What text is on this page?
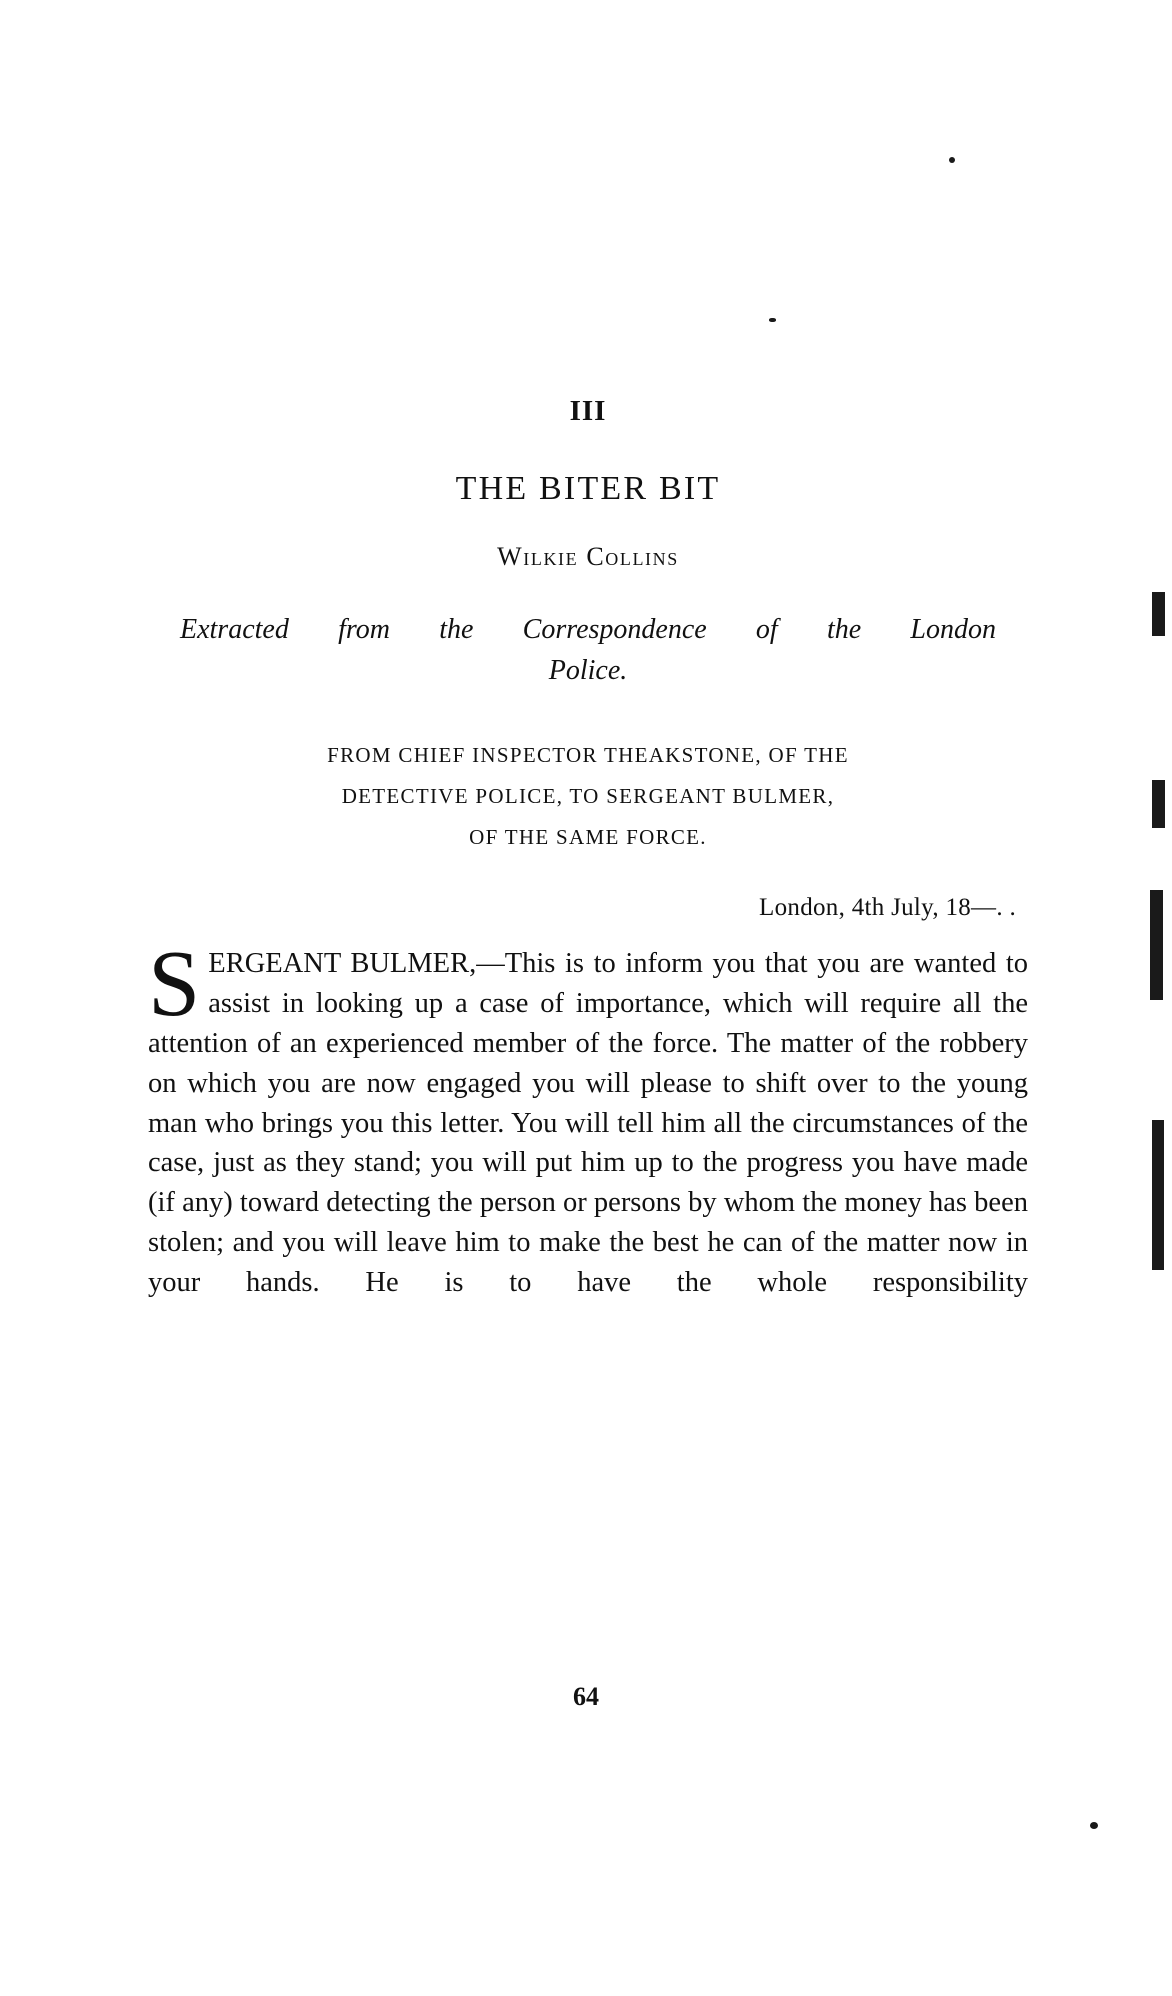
III
THE BITER BIT
Wilkie Collins
Extracted from the Correspondence of the London
Police.
FROM CHIEF INSPECTOR THEAKSTONE, OF THE
DETECTIVE POLICE, TO SERGEANT BULMER,
OF THE SAME FORCE.
London, 4th July, 18—. .
SERGEANT BULMER,—This is to inform you that you are wanted to assist in looking up a case of importance, which will require all the attention of an experienced member of the force. The matter of the robbery on which you are now engaged you will please to shift over to the young man who brings you this letter. You will tell him all the circumstances of the case, just as they stand; you will put him up to the progress you have made (if any) toward detecting the person or persons by whom the money has been stolen; and you will leave him to make the best he can of the matter now in your hands. He is to have the whole responsibility
64
